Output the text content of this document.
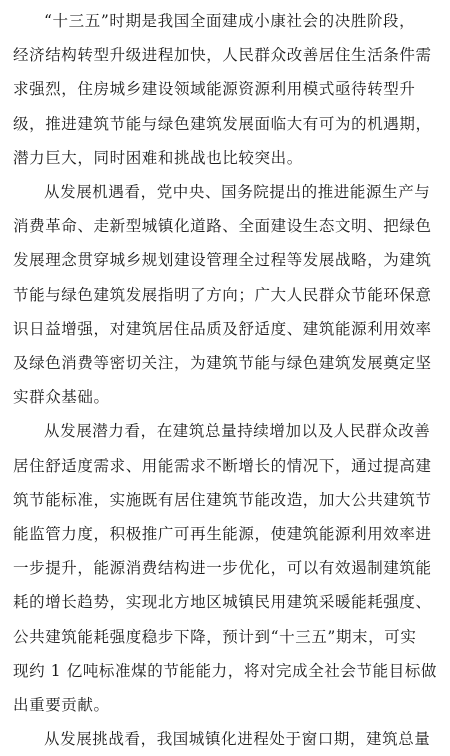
“十三五”时期是我国全面建成小康社会的决胜阶段，
经济结构转型升级进程加快，人民群众改善居住生活条件需
求强烈，住房城乡建设领域能源资源利用模式亟待转型升
级，推进建筑节能与绿色建筑发展面临大有可为的机遇期，
潜力巨大，同时困难和挑战也比较突出。

从发展机遇看，党中央、国务院提出的推进能源生产与
消费革命、走新型城镇化道路、全面建设生态文明、把绿色
发展理念贯穿城乡规划建设管理全过程等发展战略，为建筑
节能与绿色建筑发展指明了方向；广大人民群众节能环保意
识日益增强，对建筑居住品质及舒适度、建筑能源利用效率
及绿色消费等密切关注，为建筑节能与绿色建筑发展奠定坚
实群众基础。

从发展潜力看，在建筑总量持续增加以及人民群众改善
居住舒适度需求、用能需求不断增长的情况下，通过提高建
筑节能标准，实施既有居住建筑节能改造，加大公共建筑节
能监管力度，积极推广可再生能源，使建筑能源利用效率进
一步提升，能源消费结构进一步优化，可以有效遏制建筑能
耗的增长趋势，实现北方地区城镇民用建筑采暖能耗强度、
公共建筑能耗强度稳步下降，预计到“十三五”期末，可实
现约 1 亿吨标准煤的节能能力，将对完成全社会节能目标做
出重要贡献。

从发展挑战看，我国城镇化进程处于窗口期，建筑总量
